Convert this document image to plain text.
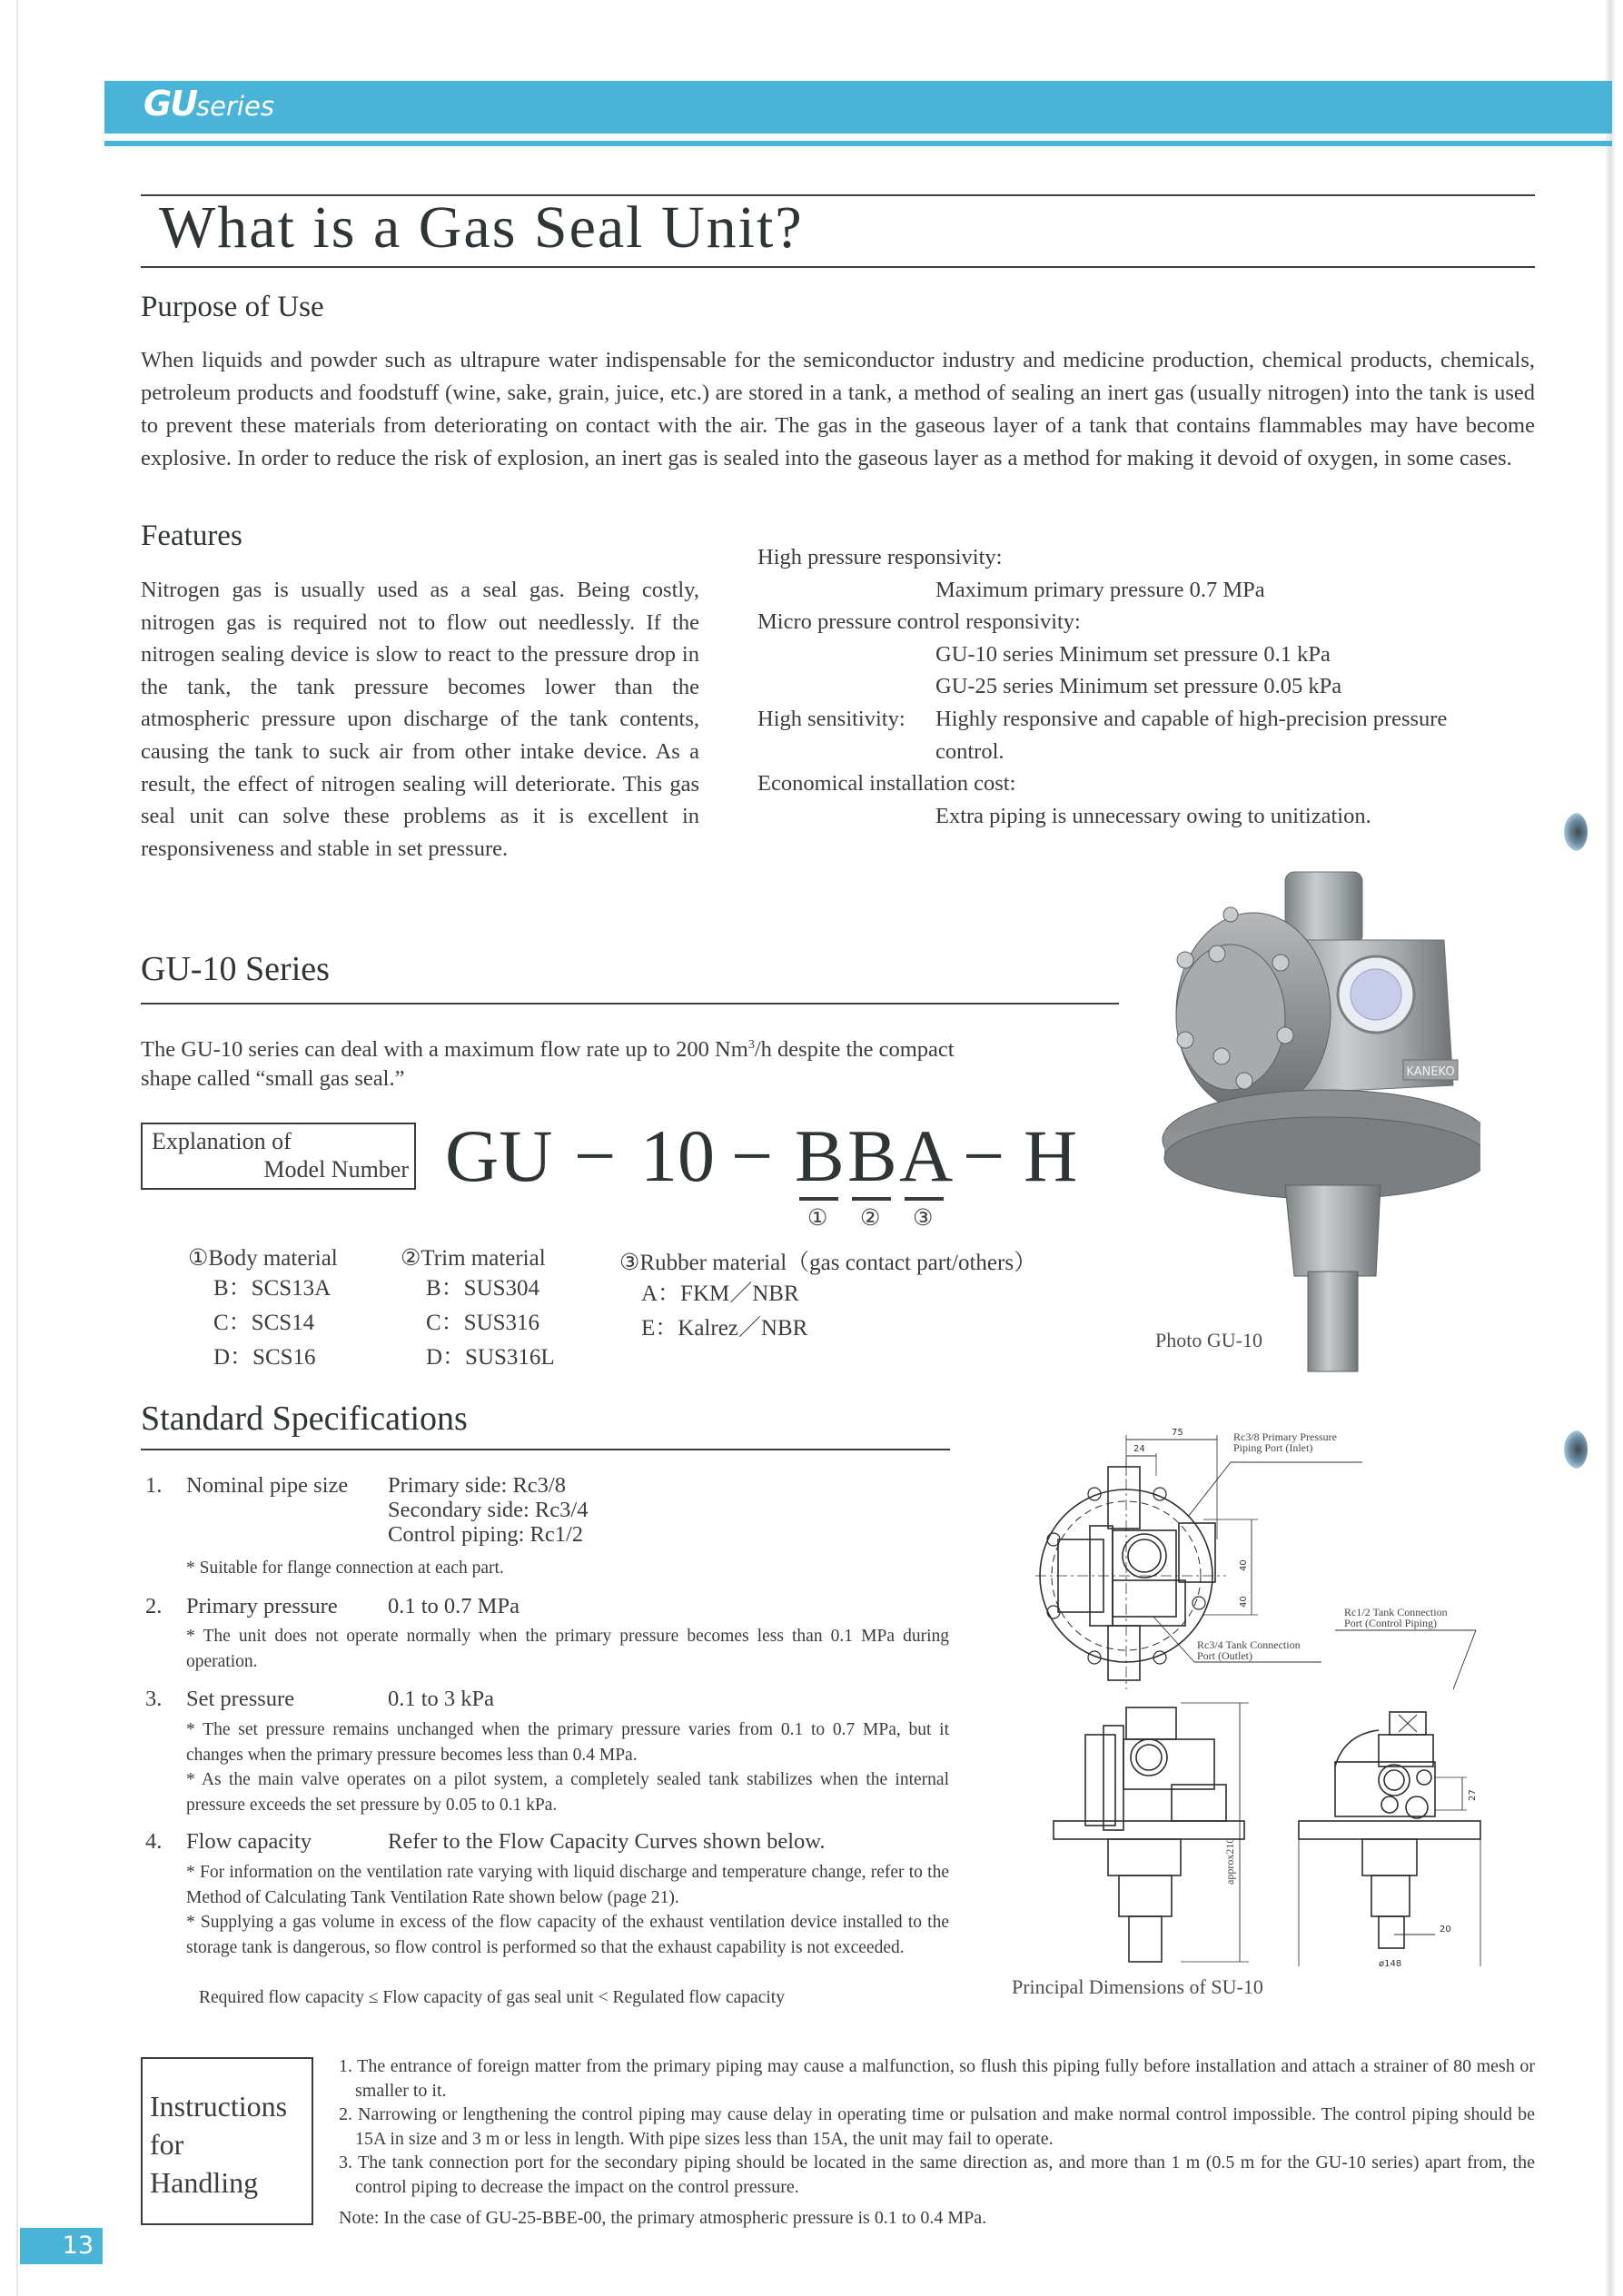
GUseries
What is a Gas Seal Unit?
Purpose of Use
When liquids and powder such as ultrapure water indispensable for the semiconductor industry and medicine production, chemical products, chemicals, petroleum products and foodstuff (wine, sake, grain, juice, etc.) are stored in a tank, a method of sealing an inert gas (usually nitrogen) into the tank is used to prevent these materials from deteriorating on contact with the air. The gas in the gaseous layer of a tank that contains flammables may have become explosive. In order to reduce the risk of explosion, an inert gas is sealed into the gaseous layer as a method for making it devoid of oxygen, in some cases.
Features
Nitrogen gas is usually used as a seal gas. Being costly, nitrogen gas is required not to flow out needlessly. If the nitrogen sealing device is slow to react to the pressure drop in the tank, the tank pressure becomes lower than the atmospheric pressure upon discharge of the tank contents, causing the tank to suck air from other intake device. As a result, the effect of nitrogen sealing will deteriorate. This gas seal unit can solve these problems as it is excellent in responsiveness and stable in set pressure.
High pressure responsivity:
Maximum primary pressure 0.7 MPa
Micro pressure control responsivity:
GU-10 series Minimum set pressure 0.1 kPa
GU-25 series Minimum set pressure 0.05 kPa
High sensitivity: Highly responsive and capable of high-precision pressure
control.
Economical installation cost:
Extra piping is unnecessary owing to unitization.
GU-10 Series
The GU-10 series can deal with a maximum flow rate up to 200 Nm$^3$/h despite the compact
shape called “small gas seal.”
Explanation of
Model Number GU − 10 − B B A − H
① ② ③
①Body material
B：SCS13A
C：SCS14
D：SCS16
②Trim material
B：SUS304
C：SUS316
D：SUS316L
③Rubber material（gas contact part/others）
A：FKM／NBR
E：Kalrez／NBR
KANEKO
Photo GU-10
Standard Specifications
1. Nominal pipe size Primary side: Rc3/8
Secondary side: Rc3/4
Control piping: Rc1/2
* Suitable for flange connection at each part.
2. Primary pressure 0.1 to 0.7 MPa
* The unit does not operate normally when the primary pressure becomes less than 0.1 MPa during operation.
3. Set pressure	0.1 to 3 kPa
* The set pressure remains unchanged when the primary pressure varies from 0.1 to 0.7 MPa, but it changes when the primary pressure becomes less than 0.4 MPa.
* As the main valve operates on a pilot system, a completely sealed tank stabilizes when the internal pressure exceeds the set pressure by 0.05 to 0.1 kPa.
4. Flow capacity	Refer to the Flow Capacity Curves shown below.
* For information on the ventilation rate varying with liquid discharge and temperature change, refer to the Method of Calculating Tank Ventilation Rate shown below (page 21).
* Supplying a gas volume in excess of the flow capacity of the exhaust ventilation device installed to the storage tank is dangerous, so flow control is performed so that the exhaust capability is not exceeded.
Required flow capacity ≤ Flow capacity of gas seal unit < Regulated flow capacity
75
24
40
40
approx210
27
20
ø148
Rc3/8 Primary Pressure
Piping Port (Inlet)
Rc3/4 Tank Connection
Port (Outlet)
Rc1/2 Tank Connection
Port (Control Piping)
Principal Dimensions of SU-10
Instructions
for
Handling
1. The entrance of foreign matter from the primary piping may cause a malfunction, so flush this piping fully before installation and attach a strainer of 80 mesh or smaller to it.
2. Narrowing or lengthening the control piping may cause delay in operating time or pulsation and make normal control impossible. The control piping should be 15A in size and 3 m or less in length. With pipe sizes less than 15A, the unit may fail to operate.
3. The tank connection port for the secondary piping should be located in the same direction as, and more than 1 m (0.5 m for the GU-10 series) apart from, the control piping to decrease the impact on the control pressure.
Note: In the case of GU-25-BBE-00, the primary atmospheric pressure is 0.1 to 0.4 MPa.
13
